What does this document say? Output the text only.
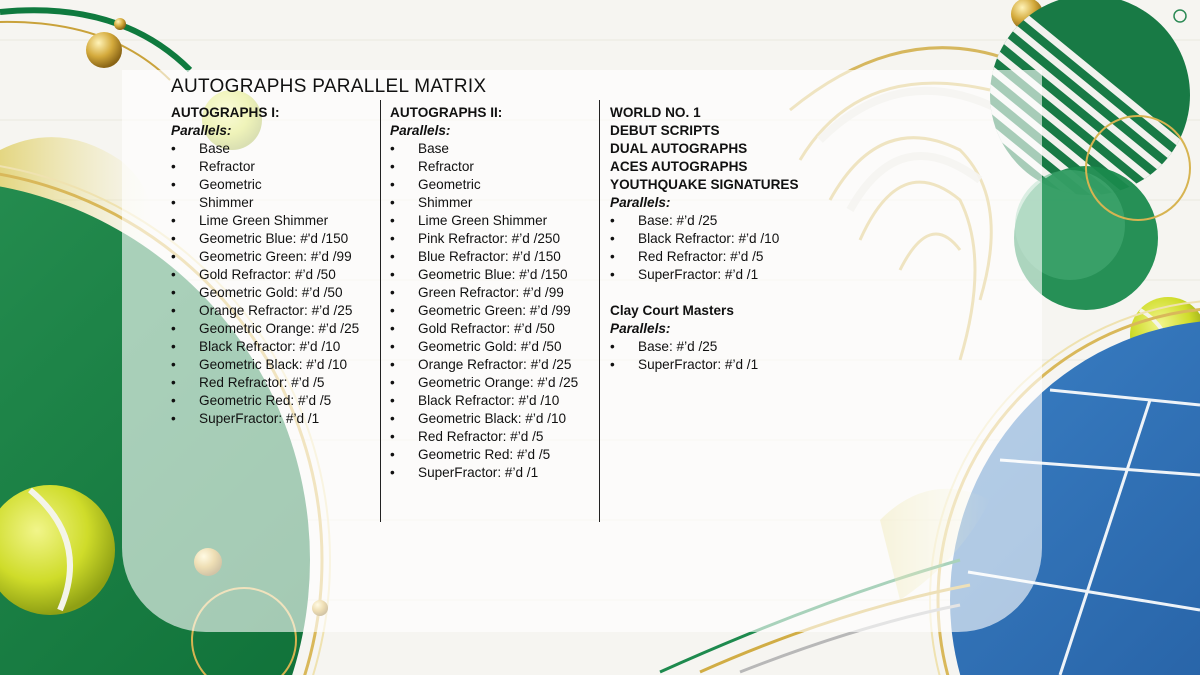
AUTOGRAPHS PARALLEL MATRIX
AUTOGRAPHS I:
Parallels:
• Base
• Refractor
• Geometric
• Shimmer
• Lime Green Shimmer
• Geometric Blue: #'d /150
• Geometric Green: #’d /99
• Gold Refractor: #’d /50
• Geometric Gold: #’d /50
• Orange Refractor: #’d /25
• Geometric Orange: #’d /25
• Black Refractor: #’d /10
• Geometric Black: #’d /10
• Red Refractor: #’d /5
• Geometric Red: #’d /5
• SuperFractor: #’d /1
AUTOGRAPHS II:
Parallels:
• Base
• Refractor
• Geometric
• Shimmer
• Lime Green Shimmer
• Pink Refractor: #’d /250
• Blue Refractor: #’d /150
• Geometric Blue: #’d /150
• Green Refractor: #’d /99
• Geometric Green: #’d /99
• Gold Refractor: #’d /50
• Geometric Gold: #’d /50
• Orange Refractor: #’d /25
• Geometric Orange: #’d /25
• Black Refractor: #’d /10
• Geometric Black: #’d /10
• Red Refractor: #’d /5
• Geometric Red: #’d /5
• SuperFractor: #’d /1
WORLD NO. 1
DEBUT SCRIPTS
DUAL AUTOGRAPHS
ACES AUTOGRAPHS
YOUTHQUAKE SIGNATURES
Parallels:
• Base: #’d /25
• Black Refractor: #’d /10
• Red Refractor: #’d /5
• SuperFractor: #’d /1
Clay Court Masters
Parallels:
• Base: #’d /25
• SuperFractor: #’d /1
